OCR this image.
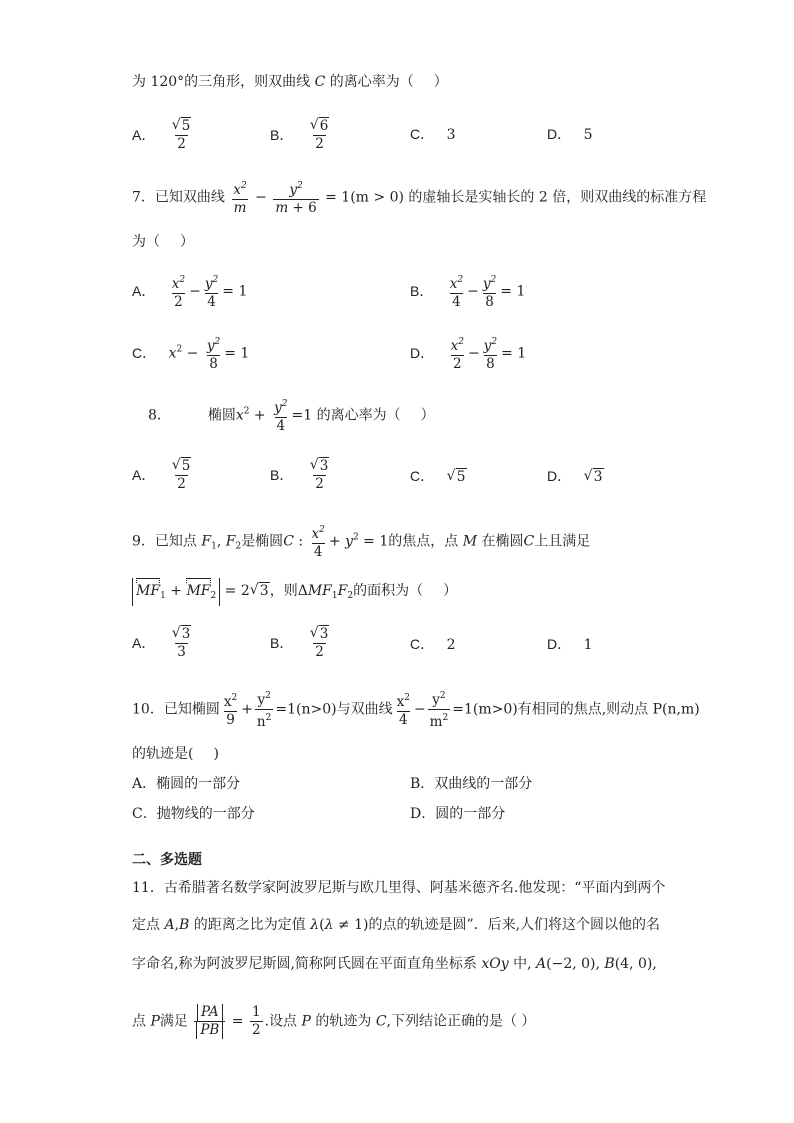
为 120°的三角形，则双曲线 C 的离心率为（ ）
A．
√ $\frac{5}{2}$	B．
√ $\frac{6}{2}$	C． 3	D． 5
7．已知双曲线 $\frac{x^2}{m} - \frac{y^2}{m + 6} = 1(m > 0)$ 的虚轴长是实轴长的 2 倍，则双曲线的标准方程
为（ ）
A． $\frac{x^2}{2} - \frac{y^2}{4} = 1$	B． $\frac{x^2}{4} - \frac{y^2}{8} = 1$
C． $x^2 - \frac{y^2}{8} = 1$	D． $\frac{x^2}{2} - \frac{y^2}{8} = 1$
8．	椭圆$x^2 + \frac{y^2}{4} =1$ 的离心率为（ ）
A．
√ $\frac{5}{2}$	B．
√ $\frac{3}{2}$	C． √ 5	D． √ 3
9．已知点 $F_1$, $F_2$是椭圆C : $\frac{x^2}{4} + y^2 = 1$的焦点，点 M 在椭圆C上且满足
$MF_1 + MF_2 = 2√$ 3，则$\Delta MF_1F_2$的面积为（ ）
A．
√ $\frac{3}{3}$	B．
√ $\frac{3}{2}$	C． 2	D． 1
10．已知椭圆 $\frac{x^2}{9} + \frac{y^2}{n^2} =1(n>0)$与双曲线 $\frac{x^2}{4} - \frac{y^2}{m^2} =1(m>0)$有相同的焦点,则动点 P(n,m)
的轨迹是( )
A．椭圆的一部分	B．双曲线的一部分
C．抛物线的一部分	D．圆的一部分
二、多选题
11．古希腊著名数学家阿波罗尼斯与欧几里得、阿基米德齐名.他发现：“平面内到两个
定点 A,B 的距离之比为定值 λ(λ ≠ 1)的点的轨迹是圆”．后来,人们将这个圆以他的名
字命名,称为阿波罗尼斯圆,简称阿氏圆在平面直角坐标系 xOy 中, A(−2, 0), B(4, 0),
点 P满足 $\frac{PA}{PB} = \frac{1}{2}$ .设点 P 的轨迹为 C,下列结论正确的是（ ）
